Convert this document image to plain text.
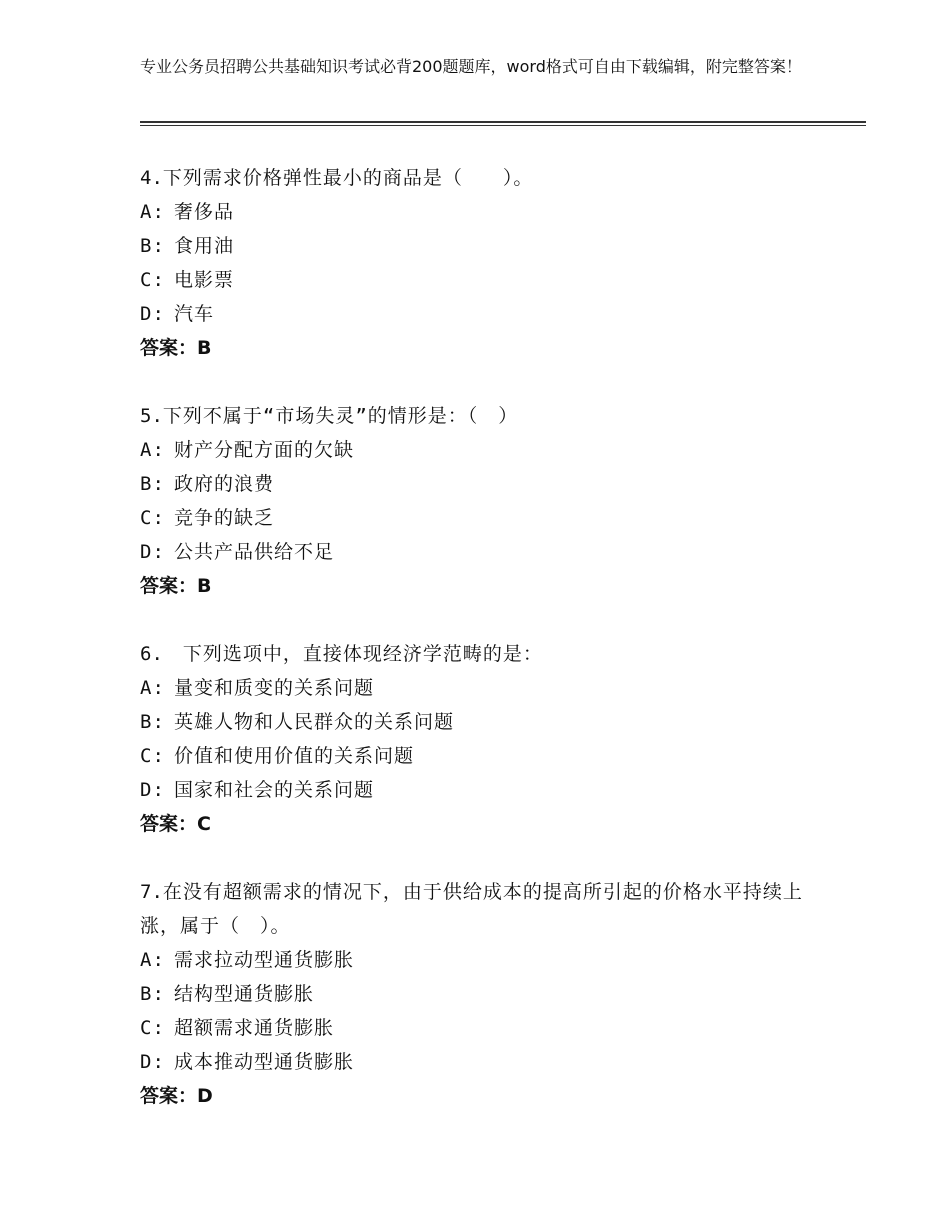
专业公务员招聘公共基础知识考试必背200题题库，word格式可自由下载编辑，附完整答案！
4.下列需求价格弹性最小的商品是（　　）。
A: 奢侈品
B: 食用油
C: 电影票
D: 汽车
答案：B
5.下列不属于“市场失灵”的情形是：（　）
A: 财产分配方面的欠缺
B: 政府的浪费
C: 竞争的缺乏
D: 公共产品供给不足
答案：B
6.　下列选项中，直接体现经济学范畴的是：
A: 量变和质变的关系问题
B: 英雄人物和人民群众的关系问题
C: 价值和使用价值的关系问题
D: 国家和社会的关系问题
答案：C
7.在没有超额需求的情况下，由于供给成本的提高所引起的价格水平持续上涨，属于（　）。
A: 需求拉动型通货膨胀
B: 结构型通货膨胀
C: 超额需求通货膨胀
D: 成本推动型通货膨胀
答案：D
